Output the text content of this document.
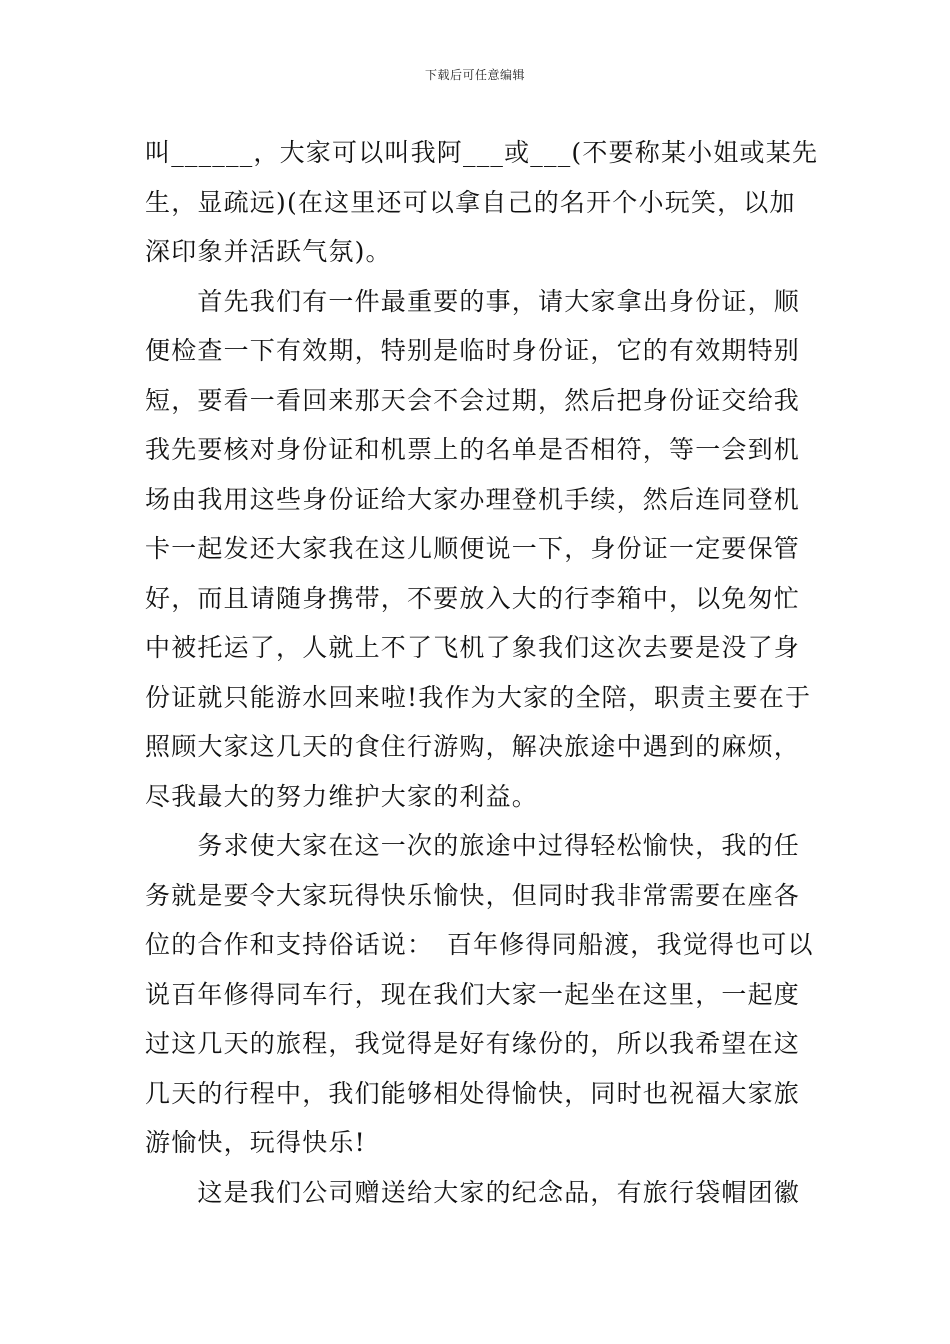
下载后可任意编辑

叫______，大家可以叫我阿___或___(不要称某小姐或某先
生，显疏远)(在这里还可以拿自己的名开个小玩笑，以加
深印象并活跃气氛)。

　　首先我们有一件最重要的事，请大家拿出身份证，顺
便检查一下有效期，特别是临时身份证，它的有效期特别
短，要看一看回来那天会不会过期，然后把身份证交给我
我先要核对身份证和机票上的名单是否相符，等一会到机
场由我用这些身份证给大家办理登机手续，然后连同登机
卡一起发还大家我在这儿顺便说一下，身份证一定要保管
好，而且请随身携带，不要放入大的行李箱中，以免匆忙
中被托运了，人就上不了飞机了象我们这次去要是没了身
份证就只能游水回来啦!我作为大家的全陪，职责主要在于
照顾大家这几天的食住行游购，解决旅途中遇到的麻烦，
尽我最大的努力维护大家的利益。

　　务求使大家在这一次的旅途中过得轻松愉快，我的任
务就是要令大家玩得快乐愉快，但同时我非常需要在座各
位的合作和支持俗话说：　百年修得同船渡，我觉得也可以
说百年修得同车行，现在我们大家一起坐在这里，一起度
过这几天的旅程，我觉得是好有缘份的，所以我希望在这
几天的行程中，我们能够相处得愉快，同时也祝福大家旅
游愉快，玩得快乐!

　　这是我们公司赠送给大家的纪念品，有旅行袋帽团徽
